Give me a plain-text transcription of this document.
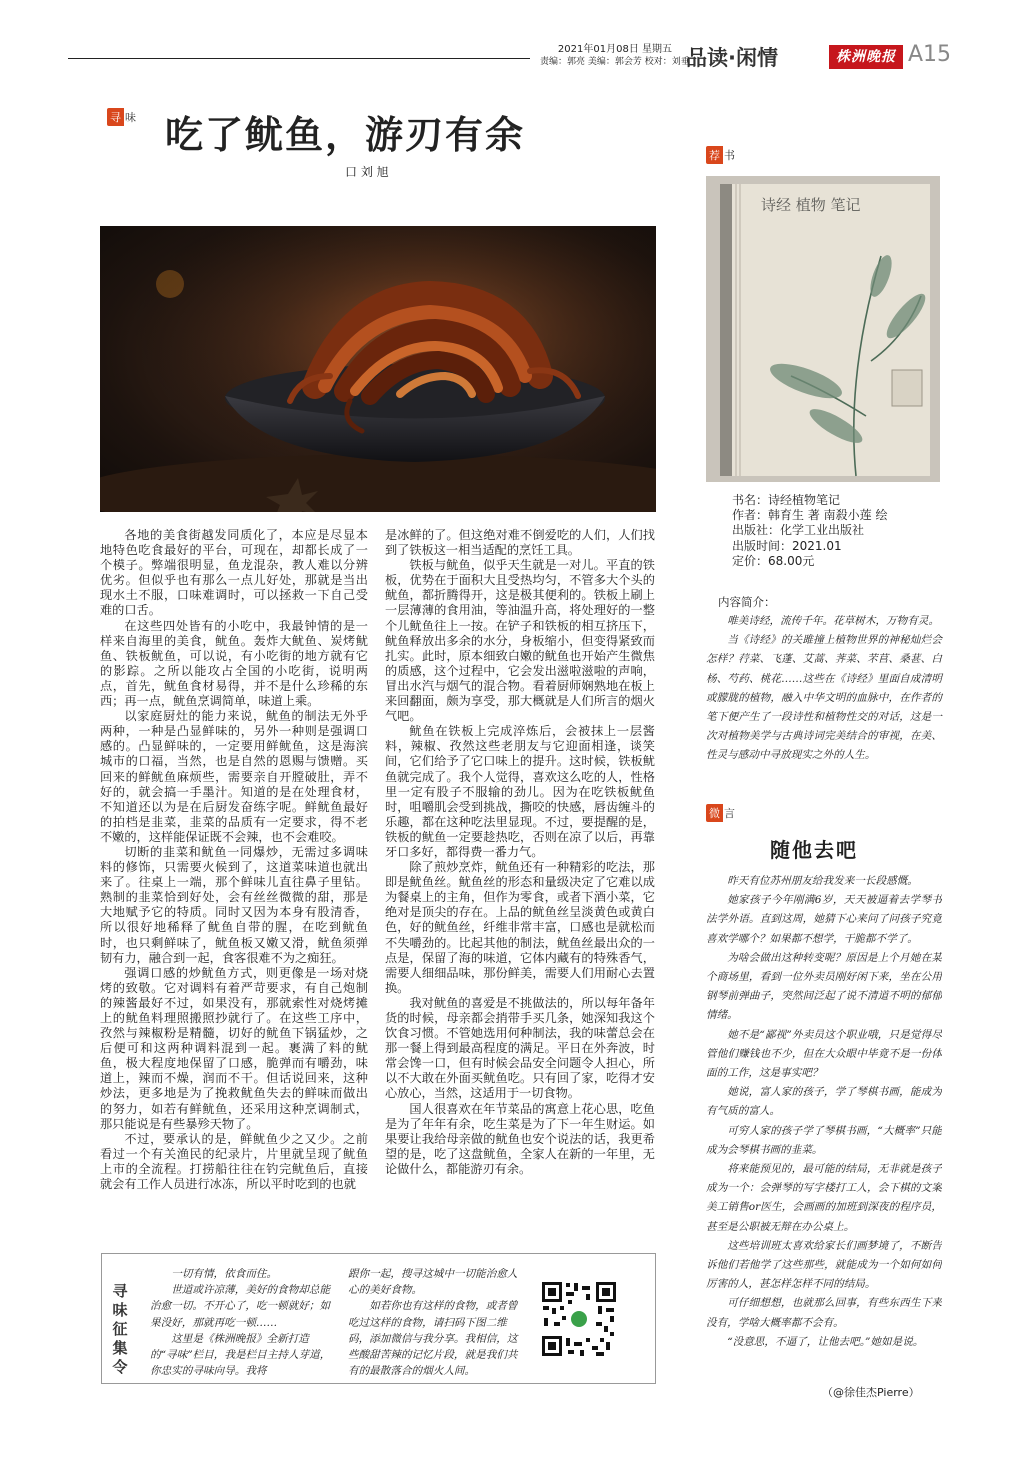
2021年01月08日 星期五
责编：郭亮 美编：郭会芳 校对：刘垂
品读·闲情	株洲晚报 A15
寻 味 吃了鱿鱼，游刃有余
口 刘 旭

各地的美食街越发同质化了，本应是尽显本地特色吃食最好的平台，可现在，却都长成了一个模子。弊端很明显，鱼龙混杂，教人难以分辨优劣。但似乎也有那么一点儿好处，那就是当出现水土不服，口味难调时，可以拯救一下自己受难的口舌。

在这些四处皆有的小吃中，我最钟情的是一样来自海里的美食，鱿鱼。轰炸大鱿鱼、炭烤鱿鱼、铁板鱿鱼，可以说，有小吃街的地方就有它的影踪。之所以能攻占全国的小吃街，说明两点，首先，鱿鱼食材易得，并不是什么珍稀的东西；再一点，鱿鱼烹调简单，味道上乘。

以家庭厨灶的能力来说，鱿鱼的制法无外乎两种，一种是凸显鲜味的，另外一种则是强调口感的。凸显鲜味的，一定要用鲜鱿鱼，这是海滨城市的口福，当然，也是自然的恩赐与馈赠。买回来的鲜鱿鱼麻烦些，需要亲自开膛破肚，弄不好的，就会搞一手墨汁。知道的是在处理食材，不知道还以为是在后厨发奋练字呢。鲜鱿鱼最好的拍档是韭菜，韭菜的品质有一定要求，得不老不嫩的，这样能保证既不会辣，也不会难咬。

切断的韭菜和鱿鱼一同爆炒，无需过多调味料的修饰，只需要火候到了，这道菜味道也就出来了。往桌上一端，那个鲜味儿直往鼻子里钻。熟制的韭菜恰到好处，会有丝丝微微的甜，那是大地赋予它的特质。同时又因为本身有股清香，所以很好地稀释了鱿鱼自带的腥，在吃到鱿鱼时，也只剩鲜味了，鱿鱼板又嫩又滑，鱿鱼须弹韧有力，融合到一起，食客很难不为之痴狂。

强调口感的炒鱿鱼方式，则更像是一场对烧烤的致敬。它对调料有着严苛要求，有自己炮制的辣酱最好不过，如果没有，那就索性对烧烤摊上的鱿鱼料理照搬照抄就行了。在这些工序中，孜然与辣椒粉是精髓，切好的鱿鱼下锅猛炒，之后便可和这两种调料混到一起。裹满了料的鱿鱼，极大程度地保留了口感，脆弹而有嚼劲，味道上，辣而不燥，润而不干。但话说回来，这种炒法，更多地是为了挽救鱿鱼失去的鲜味而做出的努力，如若有鲜鱿鱼，还采用这种烹调制式，那只能说是有些暴殄天物了。

不过，要承认的是，鲜鱿鱼少之又少。之前看过一个有关渔民的纪录片，片里就呈现了鱿鱼上市的全流程。打捞船往往在钓完鱿鱼后，直接就会有工作人员进行冰冻，所以平时吃到的也就

是冰鲜的了。但这绝对难不倒爱吃的人们，人们找到了铁板这一相当适配的烹饪工具。

铁板与鱿鱼，似乎天生就是一对儿。平直的铁板，优势在于面积大且受热均匀，不管多大个头的鱿鱼，都折腾得开，这是极其便利的。铁板上刷上一层薄薄的食用油，等油温升高，将处理好的一整个儿鱿鱼往上一按。在铲子和铁板的相互挤压下，鱿鱼释放出多余的水分，身板缩小，但变得紧致而扎实。此时，原本细致白嫩的鱿鱼也开始产生微焦的质感，这个过程中，它会发出滋啦滋啦的声响，冒出水汽与烟气的混合物。看着厨师娴熟地在板上来回翻面，颇为享受，那大概就是人们所言的烟火气吧。

鱿鱼在铁板上完成淬炼后，会被抹上一层酱料，辣椒、孜然这些老朋友与它迎面相逢，谈笑间，它们给予了它口味上的提升。这时候，铁板鱿鱼就完成了。我个人觉得，喜欢这么吃的人，性格里一定有股子不服输的劲儿。因为在吃铁板鱿鱼时，咀嚼肌会受到挑战，撕咬的快感，唇齿缠斗的乐趣，都在这种吃法里显现。不过，要提醒的是，铁板的鱿鱼一定要趁热吃，否则在凉了以后，再靠牙口多好，都得费一番力气。

除了煎炒烹炸，鱿鱼还有一种精彩的吃法，那即是鱿鱼丝。鱿鱼丝的形态和量级决定了它难以成为餐桌上的主角，但作为零食，或者下酒小菜，它绝对是顶尖的存在。上品的鱿鱼丝呈淡黄色或黄白色，好的鱿鱼丝，纤维非常丰富，口感也是就松而不失嚼劲的。比起其他的制法，鱿鱼丝最出众的一点是，保留了海的味道，它体内藏有的特殊香气，需要人细细品味，那份鲜美，需要人们用耐心去置换。

我对鱿鱼的喜爱是不挑做法的，所以每年备年货的时候，母亲都会捎带手买几条，她深知我这个饮食习惯。不管她选用何种制法，我的味蕾总会在那一餐上得到最高程度的满足。平日在外奔波，时常会馋一口，但有时候会品安全问题令人担心，所以不大敢在外面买鱿鱼吃。只有回了家，吃得才安心放心，当然，这适用于一切食物。

国人很喜欢在年节菜品的寓意上花心思，吃鱼是为了年年有余，吃生菜是为了下一年生财运。如果要让我给母亲做的鱿鱼也安个说法的话，我更希望的是，吃了这盘鱿鱼，全家人在新的一年里，无论做什么，都能游刃有余。

寻味征集令

一切有情，依食而住。

世道或许凉薄，美好的食物却总能治愈一切。不开心了，吃一顿就好；如果没好，那就再吃一顿……

这里是《株洲晚报》全新打造的“寻味”栏目，我是栏目主持人芽道，你忠实的寻味向导。我将

跟你一起，搜寻这城中一切能治愈人心的美好食物。

如若你也有这样的食物，或者曾吃过这样的食物，请扫码下图二维码，添加微信与我分享。我相信，这些酸甜苦辣的记忆片段，就是我们共有的最散落合的烟火人间。

荐 书
诗经 植物 笔记
书名：诗经植物笔记
作者：韩育生 著 南殺小莲 绘
出版社：化学工业出版社
出版时间：2021.01
定价：68.00元
内容简介：

唯美诗经，流传千年。花草树木，万物有灵。

当《诗经》的关雎撞上植物世界的神秘灿烂会怎样？荇菜、飞蓬、艾蒿、荠菜、芣苢、桑葚、白杨、芍药、桃花……这些在《诗经》里面自成清明或朦胧的植物，融入中华文明的血脉中，在作者的笔下便产生了一段诗性和植物性交的对话，这是一次对植物美学与古典诗词完美结合的审视，在美、性灵与感动中寻放现实之外的人生。

微 言
随他去吧

昨天有位苏州朋友给我发来一长段感慨。

她家孩子今年刚满6岁，天天被逼着去学琴书法学外语。直到这周，她猜下心来问了问孩子究竟喜欢学哪个？如果都不想学，干脆都不学了。

为啥会做出这种转变呢？原因是上个月她在某个商场里，看到一位外卖员刚好闲下来，坐在公用钢琴前弹曲子，突然间泛起了说不清道不明的郁郁情绪。

她不是“鄙视”外卖员这个职业哦，只是觉得尽管他们赚钱也不少，但在大众眼中毕竟不是一份体面的工作，这是事实吧？

她说，富人家的孩子，学了琴棋书画，能成为有气质的富人。

可穷人家的孩子学了琴棋书画，“大概率”只能成为会琴棋书画的韭菜。

将来能预见的，最可能的结局，无非就是孩子成为一个：会弹琴的写字楼打工人，会下棋的文案美工销售or医生，会画画的加班到深夜的程序员，甚至是公职被无辩在办公桌上。

这些培训班太喜欢给家长们画梦境了，不断告诉他们若他学了这些那些，就能成为一个如何如何厉害的人，甚怎样怎样不同的结局。

可仔细想想，也就那么回事，有些东西生下来没有，学啥大概率都不会有。

“没意思，不逼了，让他去吧。”她如是说。

（@徐佳杰Pierre）
